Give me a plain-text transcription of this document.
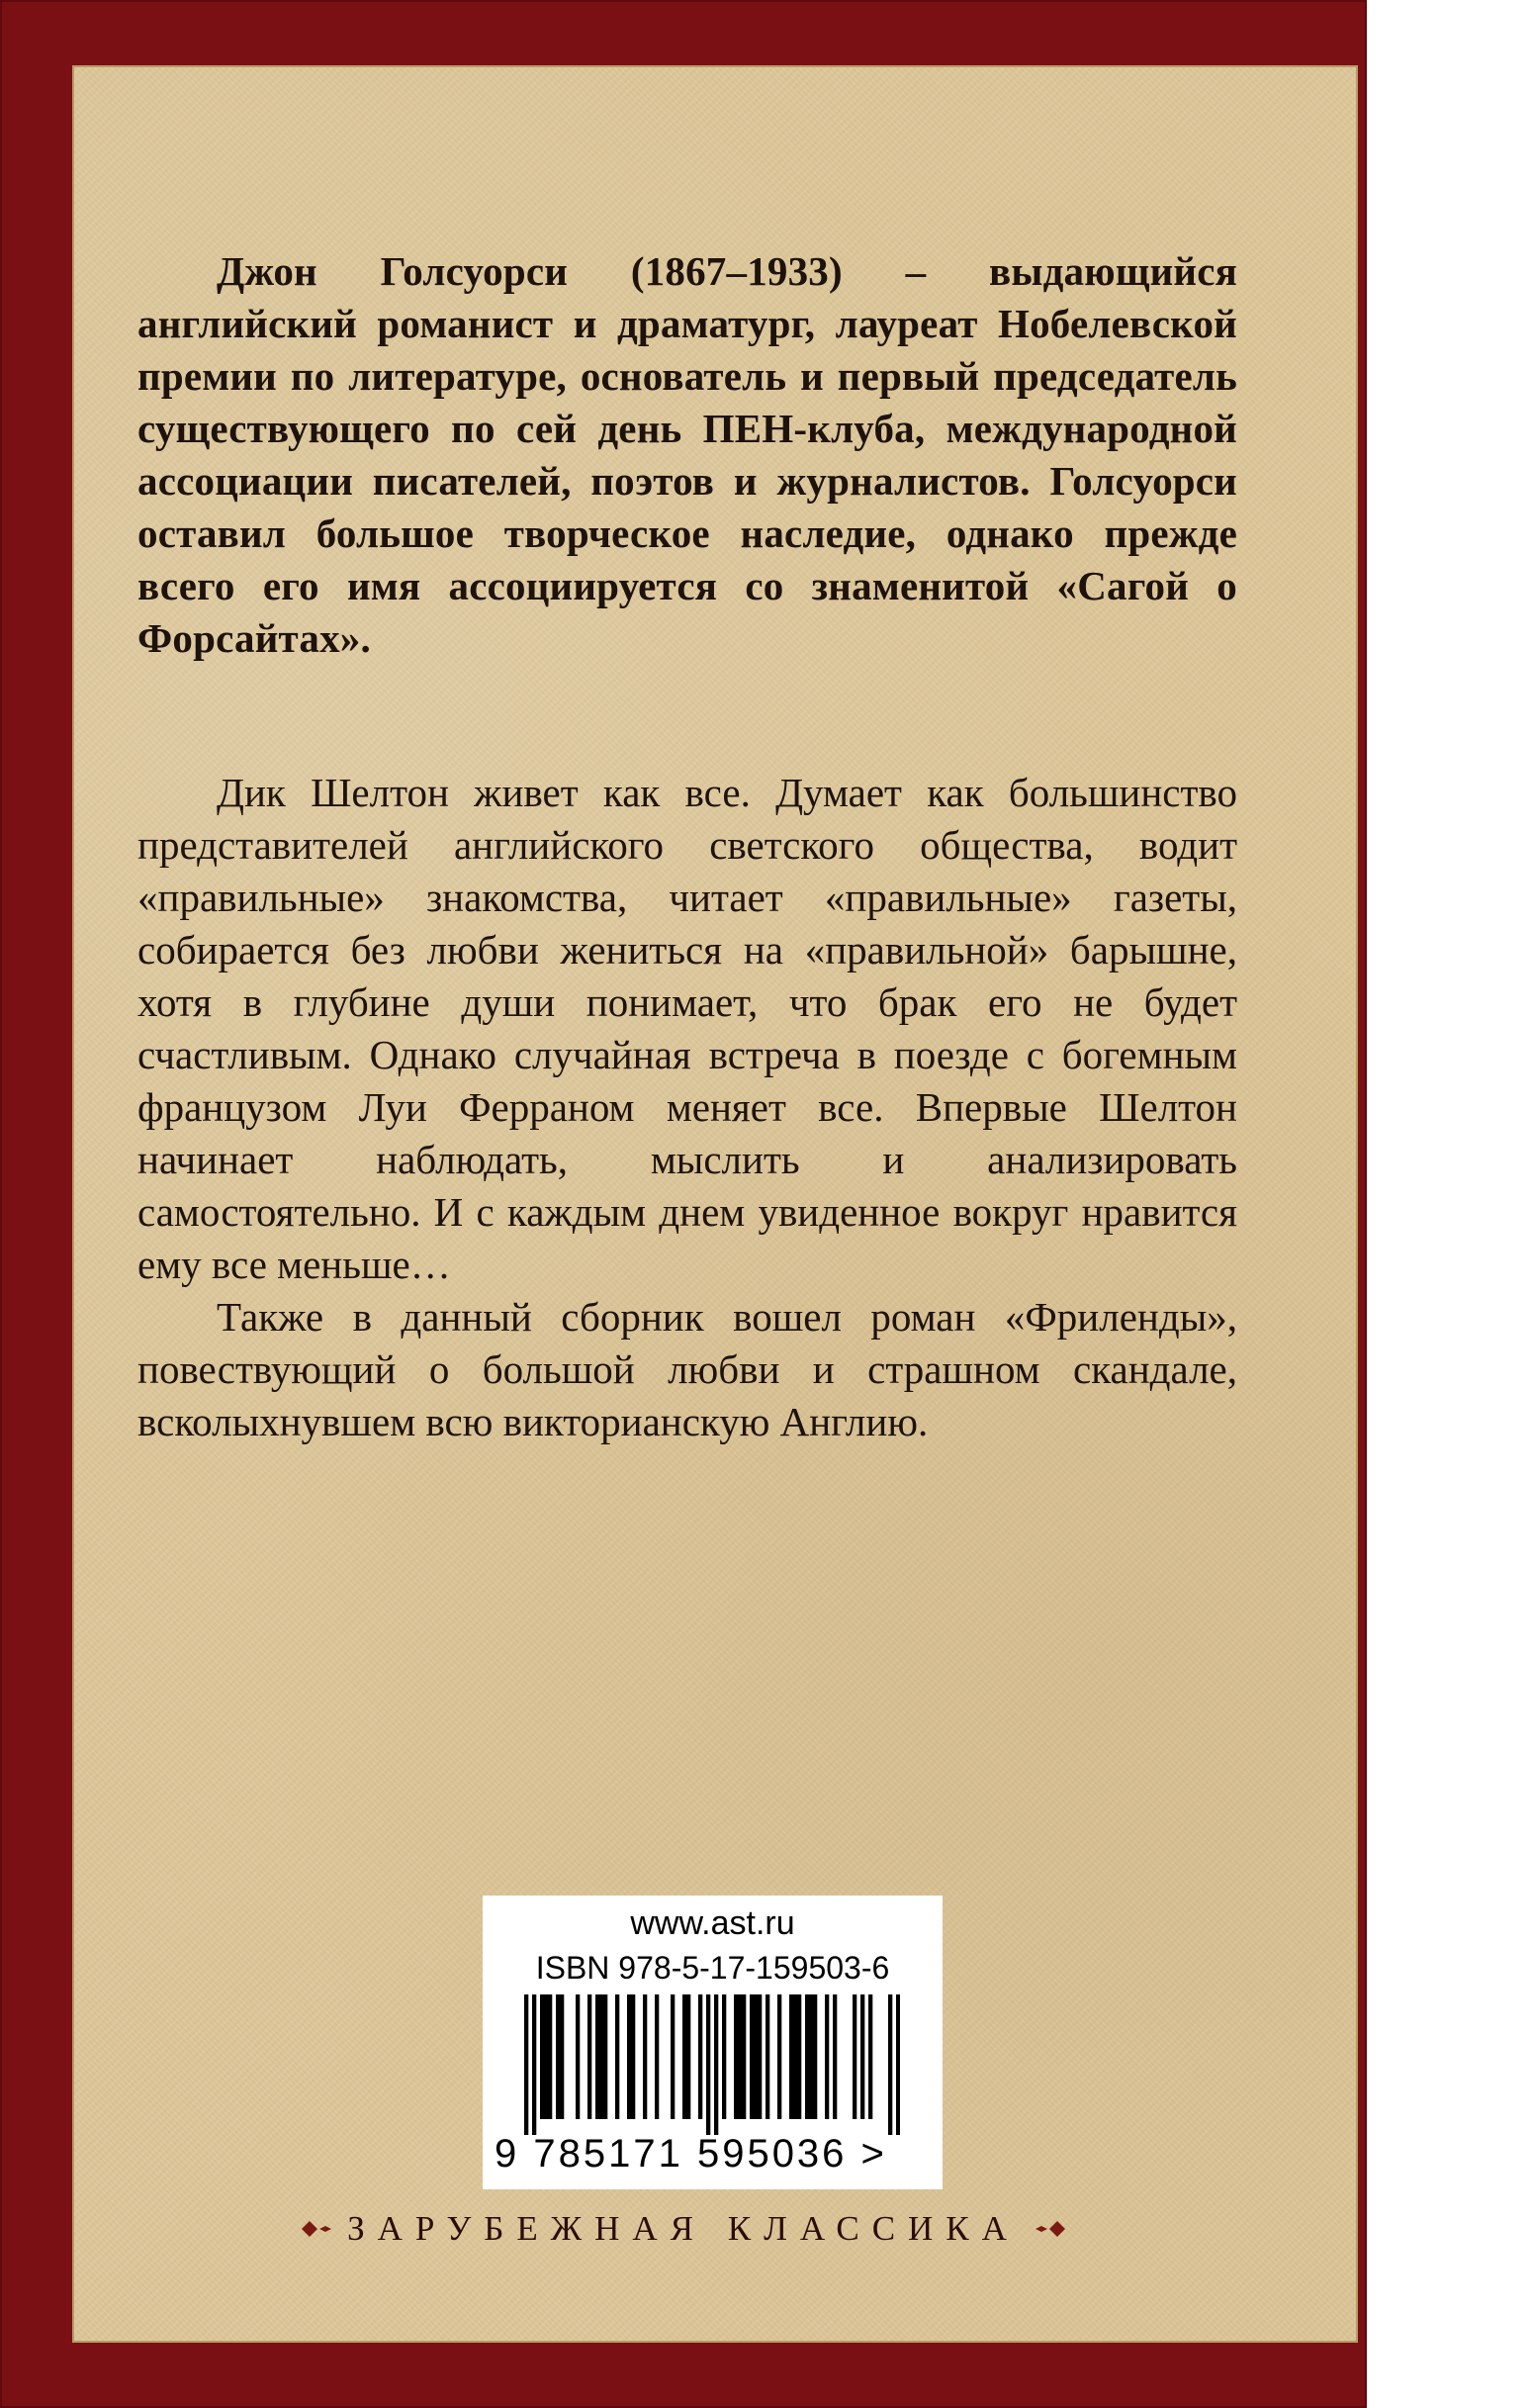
Джон Голсуорси (1867–1933) – выдающийся английский романист и драматург, лауреат Нобелевской премии по литературе, основатель и первый председатель существующего по сей день ПЕН-клуба, международной ассоциации писателей, поэтов и журналистов. Голсуорси оставил большое творческое наследие, однако прежде всего его имя ассоциируется со знаменитой «Сагой о Форсайтах».

Дик Шелтон живет как все. Думает как большинство представителей английского светского общества, водит «правильные» знакомства, читает «правильные» газеты, собирается без любви жениться на «правильной» барышне, хотя в глубине души понимает, что брак его не будет счастливым. Однако случайная встреча в поезде с богемным французом Луи Ферраном меняет все. Впервые Шелтон начинает наблюдать, мыслить и анализировать самостоятельно. И с каждым днем увиденное вокруг нравится ему все меньше…

Также в данный сборник вошел роман «Фриленды», повествующий о большой любви и страшном скандале, всколыхнувшем всю викторианскую Англию.

www.ast.ru
ISBN 978-5-17-159503-6
9 785171 595036 >
ЗАРУБЕЖНАЯ КЛАССИКА
